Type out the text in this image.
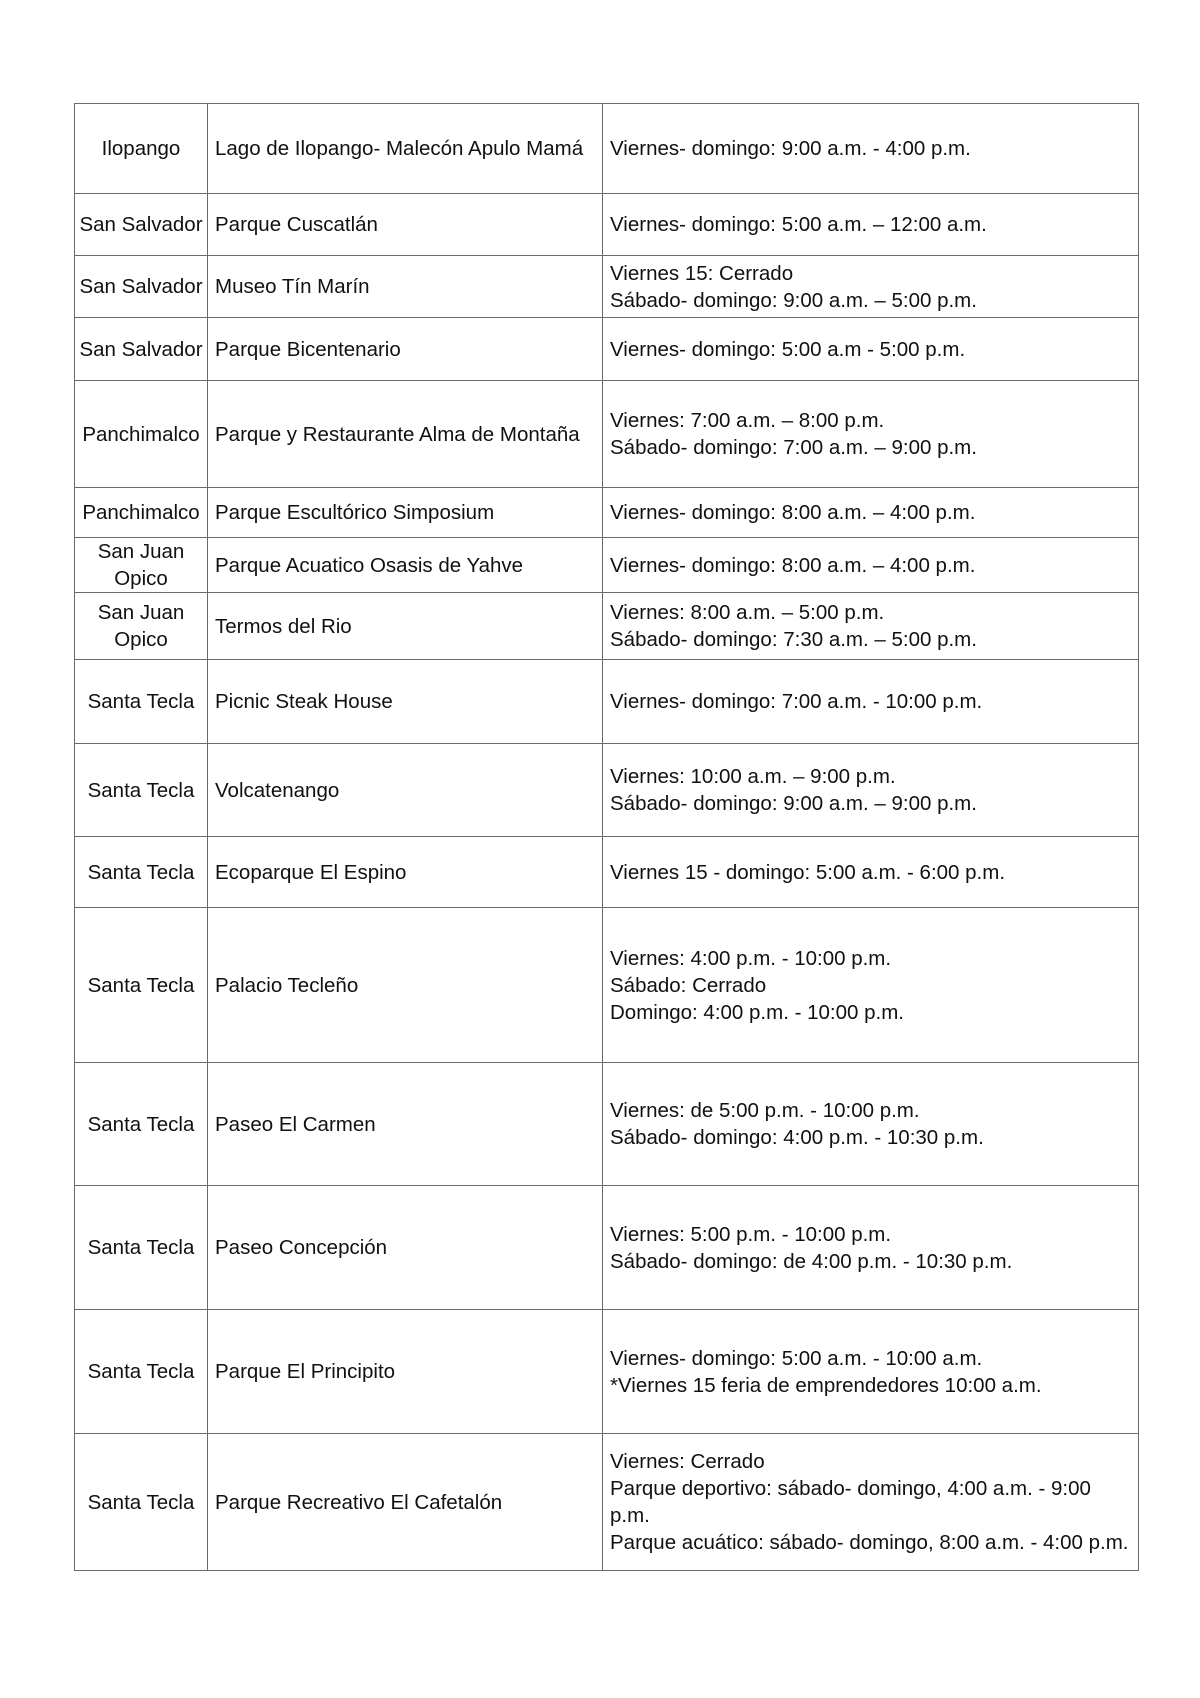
Ilopango	Lago de Ilopango- Malecón Apulo Mamá	Viernes- domingo: 9:00 a.m. - 4:00 p.m.

San Salvador	Parque Cuscatlán	Viernes- domingo: 5:00 a.m. – 12:00 a.m.

San Salvador	Museo Tín Marín	Viernes 15: Cerrado
Sábado- domingo: 9:00 a.m. – 5:00 p.m.

San Salvador	Parque Bicentenario	Viernes- domingo: 5:00 a.m - 5:00 p.m.

Panchimalco	Parque y Restaurante Alma de Montaña	Viernes: 7:00 a.m. – 8:00 p.m.
Sábado- domingo: 7:00 a.m. – 9:00 p.m.

Panchimalco	Parque Escultórico Simposium	Viernes- domingo: 8:00 a.m. – 4:00 p.m.

San Juan Opico	Parque Acuatico Osasis de Yahve	Viernes- domingo: 8:00 a.m. – 4:00 p.m.

San Juan Opico	Termos del Rio	Viernes: 8:00 a.m. – 5:00 p.m.
Sábado- domingo: 7:30 a.m. – 5:00 p.m.

Santa Tecla	Picnic Steak House	Viernes- domingo: 7:00 a.m. - 10:00 p.m.

Santa Tecla	Volcatenango	Viernes: 10:00 a.m. – 9:00 p.m.
Sábado- domingo: 9:00 a.m. – 9:00 p.m.

Santa Tecla	Ecoparque El Espino	Viernes 15 - domingo: 5:00 a.m. - 6:00 p.m.

Santa Tecla	Palacio Tecleño	Viernes: 4:00 p.m. - 10:00 p.m.
Sábado: Cerrado
Domingo: 4:00 p.m. - 10:00 p.m.

Santa Tecla	Paseo El Carmen	Viernes: de 5:00 p.m. - 10:00 p.m.
Sábado- domingo: 4:00 p.m. - 10:30 p.m.

Santa Tecla	Paseo Concepción	Viernes: 5:00 p.m. - 10:00 p.m.
Sábado- domingo: de 4:00 p.m. - 10:30 p.m.

Santa Tecla	Parque El Principito	Viernes- domingo: 5:00 a.m. - 10:00 a.m.
*Viernes 15 feria de emprendedores 10:00 a.m.

Santa Tecla	Parque Recreativo El Cafetalón	Viernes: Cerrado
Parque deportivo: sábado- domingo, 4:00 a.m. - 9:00 p.m.
Parque acuático: sábado- domingo, 8:00 a.m. - 4:00 p.m.
